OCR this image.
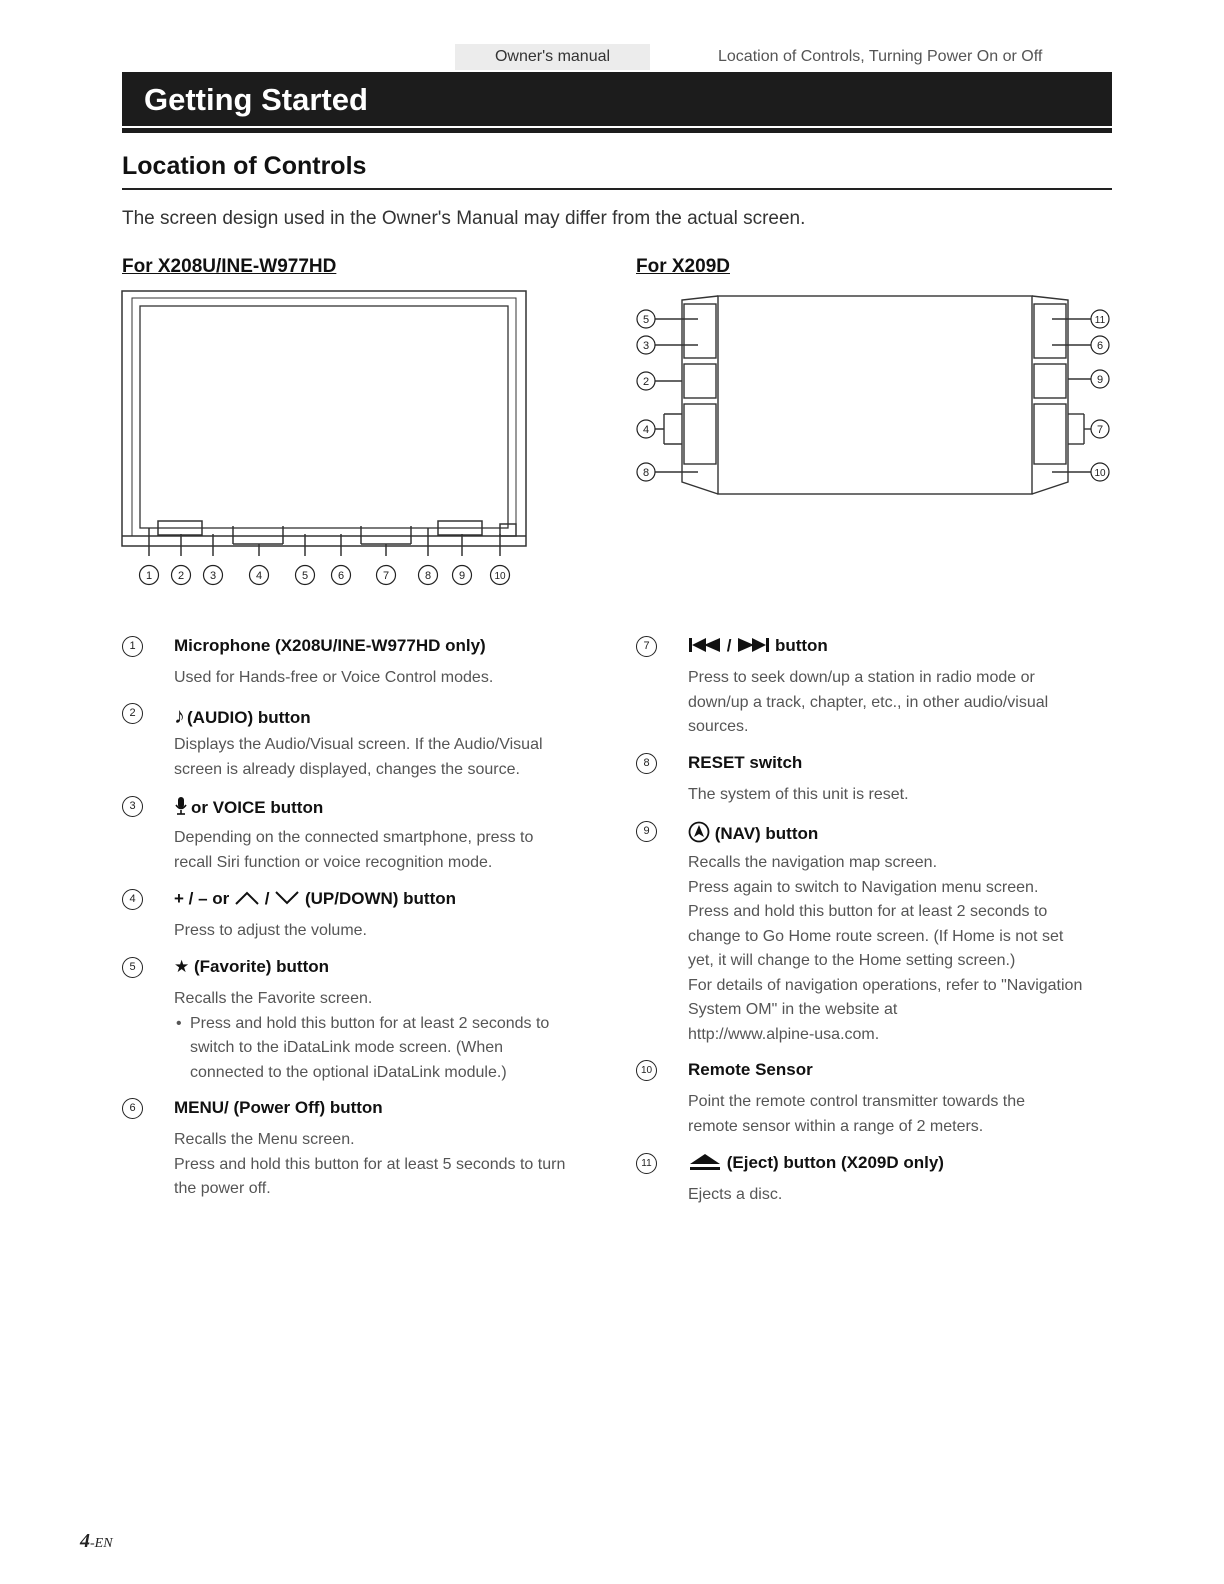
Owner's manual	Location of Controls, Turning Power On or Off
Getting Started
Location of Controls
The screen design used in the Owner's Manual may differ from the actual screen.
For X208U/INE-W977HD	For X209D
1 2 3	4	5	6	7	8	9	10
5
3
2
4
8
11
6
9
7
10
1	Microphone (X208U/INE-W977HD only)
Used for Hands-free or Voice Control modes.
2	♪ (AUDIO) button
Displays the Audio/Visual screen. If the Audio/Visual
screen is already displayed, changes the source.
3	or VOICE button
Depending on the connected smartphone, press to
recall Siri function or voice recognition mode.
4	+ / – or / (UP/DOWN) button
Press to adjust the volume.
5	★ (Favorite) button
Recalls the Favorite screen.
• Press and hold this button for at least 2 seconds to
switch to the iDataLink mode screen. (When
connected to the optional iDataLink module.)
6	MENU/ (Power Off) button
Recalls the Menu screen.
Press and hold this button for at least 5 seconds to turn
the power off.
7	/	button
Press to seek down/up a station in radio mode or
down/up a track, chapter, etc., in other audio/visual
sources.
8	RESET switch
The system of this unit is reset.
9	(NAV) button
Recalls the navigation map screen.
Press again to switch to Navigation menu screen.
Press and hold this button for at least 2 seconds to
change to Go Home route screen. (If Home is not set
yet, it will change to the Home setting screen.)
For details of navigation operations, refer to "Navigation
System OM" in the website at
http://www.alpine-usa.com.
10 Remote Sensor
Point the remote control transmitter towards the
remote sensor within a range of 2 meters.
11	(Eject) button (X209D only)
Ejects a disc.
4-EN
